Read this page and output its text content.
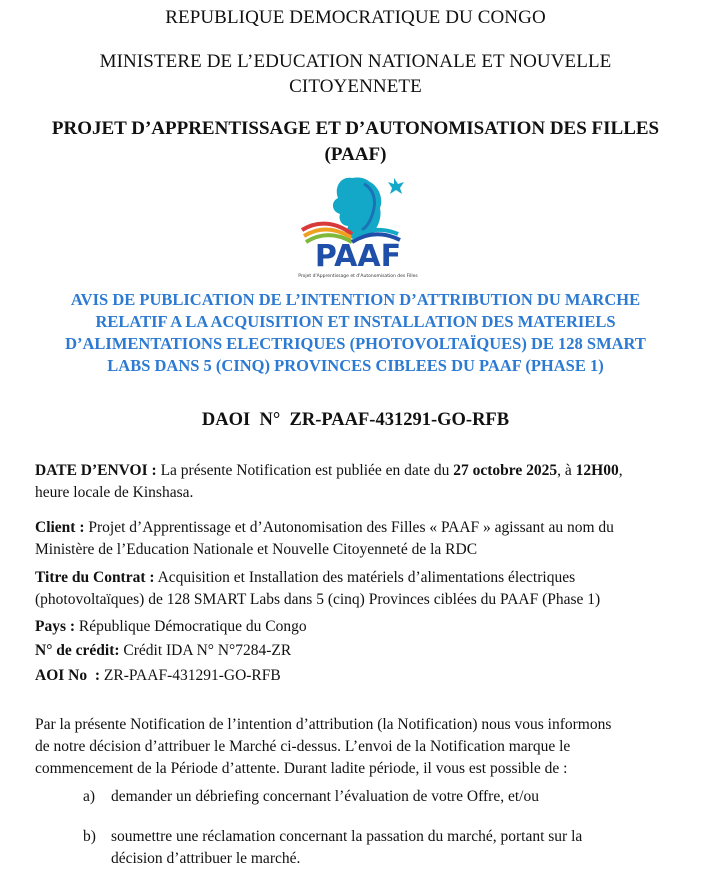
REPUBLIQUE DEMOCRATIQUE DU CONGO
MINISTERE DE L’EDUCATION NATIONALE ET NOUVELLE
CITOYENNETE
PROJET D’APPRENTISSAGE ET D’AUTONOMISATION DES FILLES
(PAAF)
PAAF
Projet d'Apprentissage et d'Autonomisation des Filles
AVIS DE PUBLICATION DE L’INTENTION D’ATTRIBUTION DU MARCHE
RELATIF A LA ACQUISITION ET INSTALLATION DES MATERIELS
D’ALIMENTATIONS ELECTRIQUES (PHOTOVOLTAÏQUES) DE 128 SMART
LABS DANS 5 (CINQ) PROVINCES CIBLEES DU PAAF (PHASE 1)
DAOI  N° ZR-PAAF-431291-GO-RFB
DATE D’ENVOI : La présente Notification est publiée en date du 27 octobre 2025, à 12H00,
heure locale de Kinshasa.
Client : Projet d’Apprentissage et d’Autonomisation des Filles « PAAF » agissant au nom du
Ministère de l’Education Nationale et Nouvelle Citoyenneté de la RDC
Titre du Contrat : Acquisition et Installation des matériels d’alimentations électriques
(photovoltaïques) de 128 SMART Labs dans 5 (cinq) Provinces ciblées du PAAF (Phase 1)
Pays : République Démocratique du Congo
N° de crédit: Crédit IDA N° N°7284-ZR
AOI No  : ZR-PAAF-431291-GO-RFB
Par la présente Notification de l’intention d’attribution (la Notification) nous vous informons
de notre décision d’attribuer le Marché ci-dessus. L’envoi de la Notification marque le
commencement de la Période d’attente. Durant ladite période, il vous est possible de :
a) demander un débriefing concernant l’évaluation de votre Offre, et/ou
b) soumettre une réclamation concernant la passation du marché, portant sur la
décision d’attribuer le marché.
